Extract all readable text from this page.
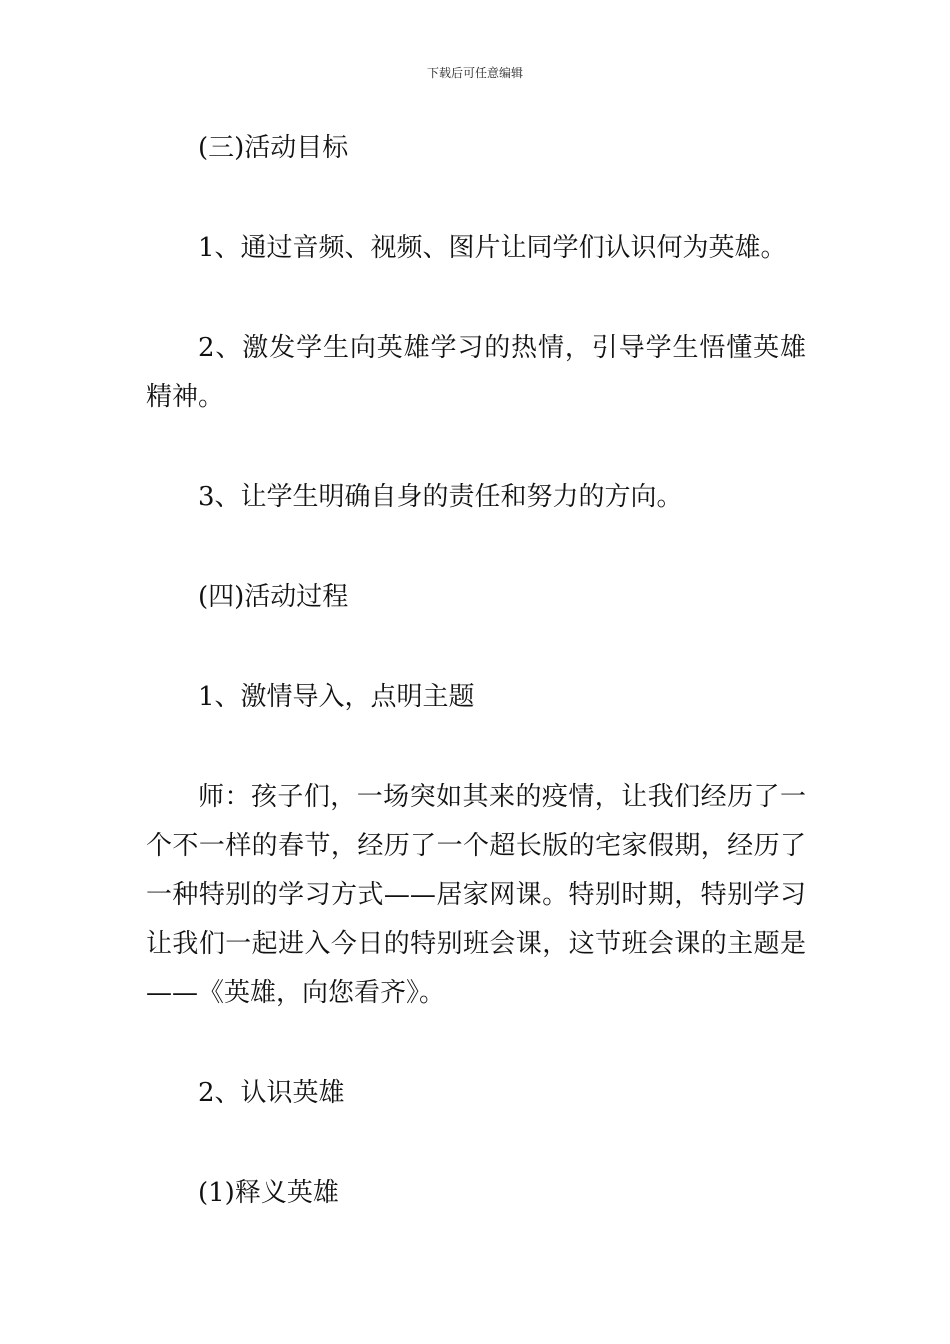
下载后可任意编辑

(三)活动目标

1、通过音频、视频、图片让同学们认识何为英雄。

2、激发学生向英雄学习的热情，引导学生悟懂英雄精神。

3、让学生明确自身的责任和努力的方向。

(四)活动过程

1、激情导入，点明主题

师：孩子们，一场突如其来的疫情，让我们经历了一个不一样的春节，经历了一个超长版的宅家假期，经历了一种特别的学习方式——居家网课。特别时期，特别学习让我们一起进入今日的特别班会课，这节班会课的主题是——《英雄，向您看齐》。

2、认识英雄

(1)释义英雄
